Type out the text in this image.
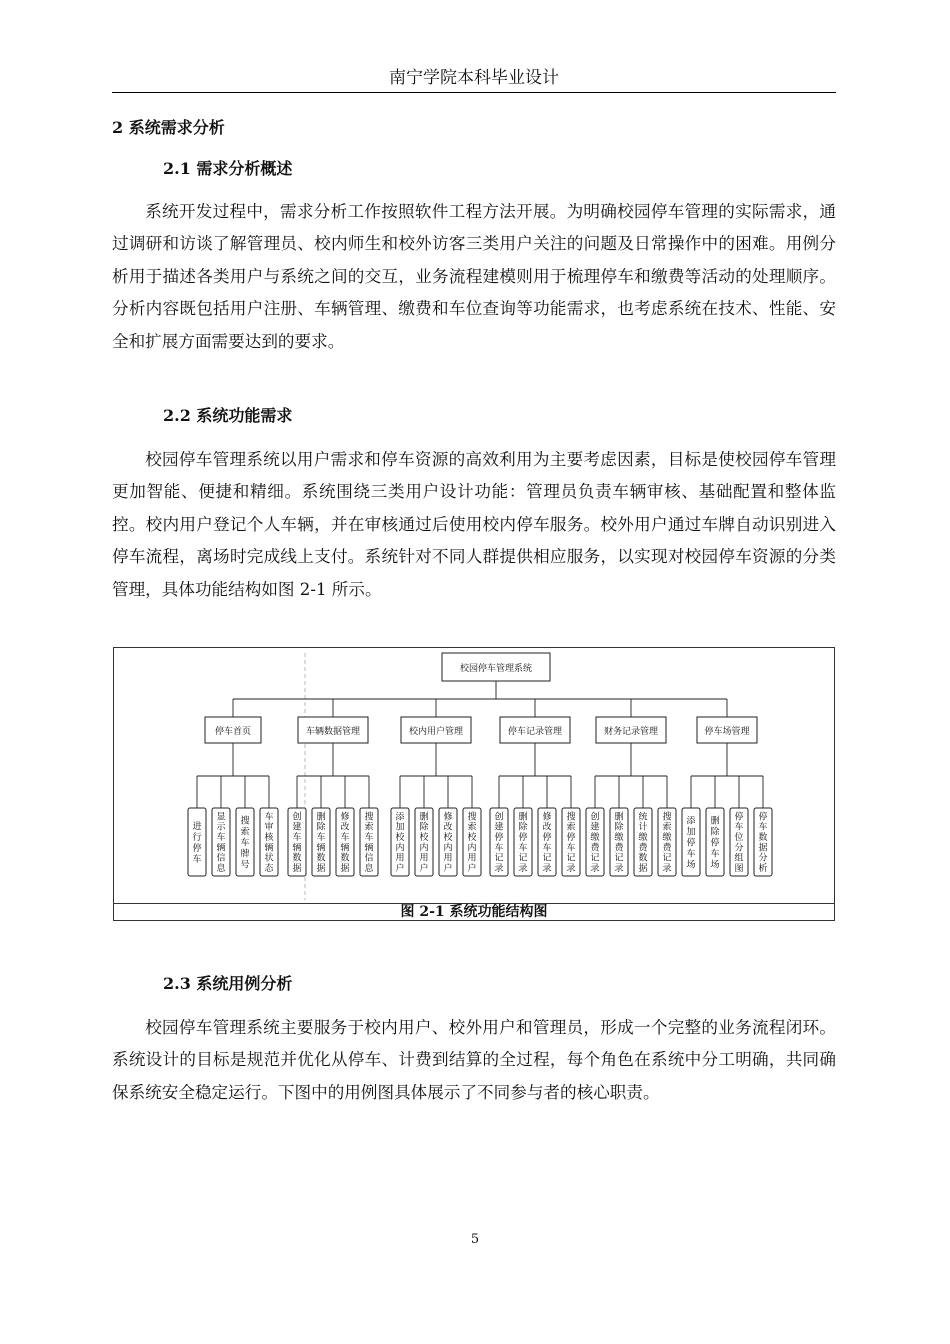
南宁学院本科毕业设计
2 系统需求分析
2.1 需求分析概述

系统开发过程中，需求分析工作按照软件工程方法开展。为明确校园停车管理的实际需求，通过调研和访谈了解管理员、校内师生和校外访客三类用户关注的问题及日常操作中的困难。用例分析用于描述各类用户与系统之间的交互，业务流程建模则用于梳理停车和缴费等活动的处理顺序。分析内容既包括用户注册、车辆管理、缴费和车位查询等功能需求，也考虑系统在技术、性能、安全和扩展方面需要达到的要求。

2.2 系统功能需求

校园停车管理系统以用户需求和停车资源的高效利用为主要考虑因素，目标是使校园停车管理更加智能、便捷和精细。系统围绕三类用户设计功能：管理员负责车辆审核、基础配置和整体监控。校内用户登记个人车辆，并在审核通过后使用校内停车服务。校外用户通过车牌自动识别进入停车流程，离场时完成线上支付。系统针对不同人群提供相应服务，以实现对校园停车资源的分类管理，具体功能结构如图 2-1 所示。

校园停车管理系统
停车首页
进
行
停
车
显
示
车
辆
信
息
搜
索
车
牌
号
车
审
核
辆
状
态
车辆数据管理
创
建
车
辆
数
据
删
除
车
辆
数
据
修
改
车
辆
数
据
搜
索
车
辆
信
息
校内用户管理
添
加
校
内
用
户
删
除
校
内
用
户
修
改
校
内
用
户
搜
索
校
内
用
户
停车记录管理
创
建
停
车
记
录
删
除
停
车
记
录
修
改
停
车
记
录
搜
索
停
车
记
录
财务记录管理
创
建
缴
费
记
录
删
除
缴
费
记
录
统
计
缴
费
数
据
搜
索
缴
费
记
录
停车场管理
添
加
停
车
场
删
除
停
车
场
停
车
位
分
组
图
停
车
数
据
分
析
图 2-1 系统功能结构图
5

校园停车管理系统主要服务于校内用户、校外用户和管理员，形成一个完整的业务流程闭环。系统设计的目标是规范并优化从停车、计费到结算的全过程，每个角色在系统中分工明确，共同确保系统安全稳定运行。下图中的用例图具体展示了不同参与者的核心职责。

2.3 系统用例分析
